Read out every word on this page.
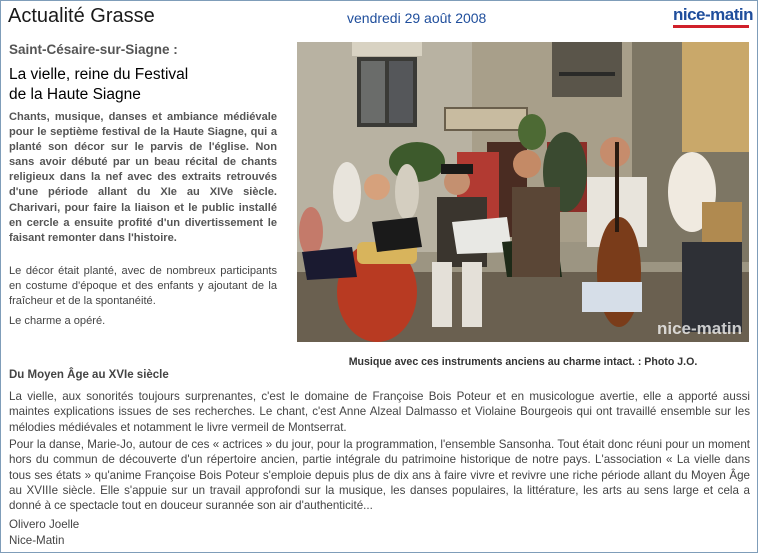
Actualité Grasse	vendredi 29 août 2008	nice-matin
Saint-Césaire-sur-Siagne :
La vielle, reine du Festival
de la Haute Siagne

Chants, musique, danses et ambiance médiévale pour le septième festival de la Haute Siagne, qui a planté son décor sur le parvis de l'église. Non sans avoir débuté par un beau récital de chants religieux dans la nef avec des extraits retrouvés d'une période allant du XIe au XIVe siècle. Charivari, pour faire la liaison et le public installé en cercle a ensuite profité d'un divertissement le faisant remonter dans l'histoire.

Le décor était planté, avec de nombreux participants en costume d'époque et des enfants y ajoutant de la fraîcheur et de la spontanéité.

Le charme a opéré.	nice-matin
Musique avec ces instruments anciens au charme intact. : Photo J.O.
Du Moyen Âge au XVIe siècle

La vielle, aux sonorités toujours surprenantes, c'est le domaine de Françoise Bois Poteur et en musicologue avertie, elle a apporté aussi maintes explications issues de ses recherches. Le chant, c'est Anne Alzeal Dalmasso et Violaine Bourgeois qui ont travaillé ensemble sur les mélodies médiévales et notamment le livre vermeil de Montserrat.

Pour la danse, Marie-Jo, autour de ces « actrices » du jour, pour la programmation, l'ensemble Sansonha. Tout était donc réuni pour un moment hors du commun de découverte d'un répertoire ancien, partie intégrale du patrimoine historique de notre pays. L'association « La vielle dans tous ses états » qu'anime Françoise Bois Poteur s'emploie depuis plus de dix ans à faire vivre et revivre une riche période allant du Moyen Âge au XVIIIe siècle. Elle s'appuie sur un travail approfondi sur la musique, les danses populaires, la littérature, les arts au sens large et cela a donné à ce spectacle tout en douceur surannée son air d'authenticité...

Olivero Joelle
Nice-Matin
